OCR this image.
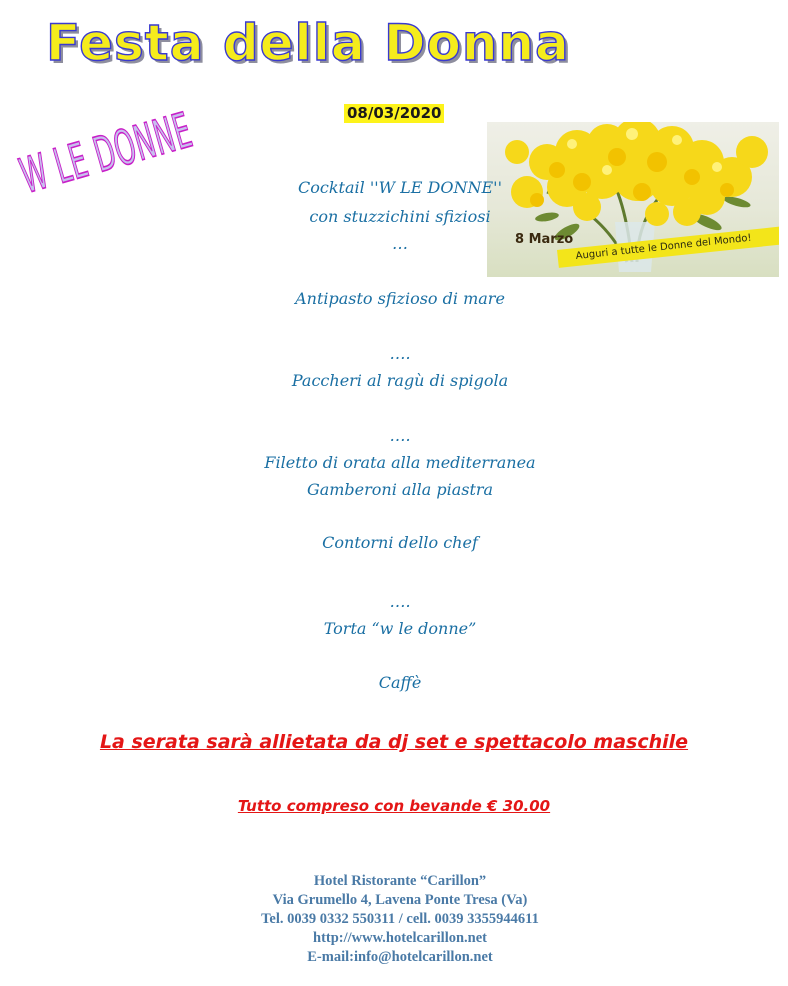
Festa della Donna
08/03/2020
8 Marzo Auguri a tutte le Donne del Mondo!
W LE DONNE	Cocktail ''W LE DONNE''
con stuzzichini sfiziosi
…
Antipasto sfizioso di mare
….
Paccheri al ragù di spigola
….
Filetto di orata alla mediterranea
Gamberoni alla piastra
Contorni dello chef
….
Torta “w le donne”
Caffè
La serata sarà allietata da dj set e spettacolo maschile
Tutto compreso con bevande € 30.00
Hotel Ristorante “Carillon”
Via Grumello 4, Lavena Ponte Tresa (Va)
Tel. 0039 0332 550311 / cell. 0039 3355944611
http://www.hotelcarillon.net
E-mail:info@hotelcarillon.net
